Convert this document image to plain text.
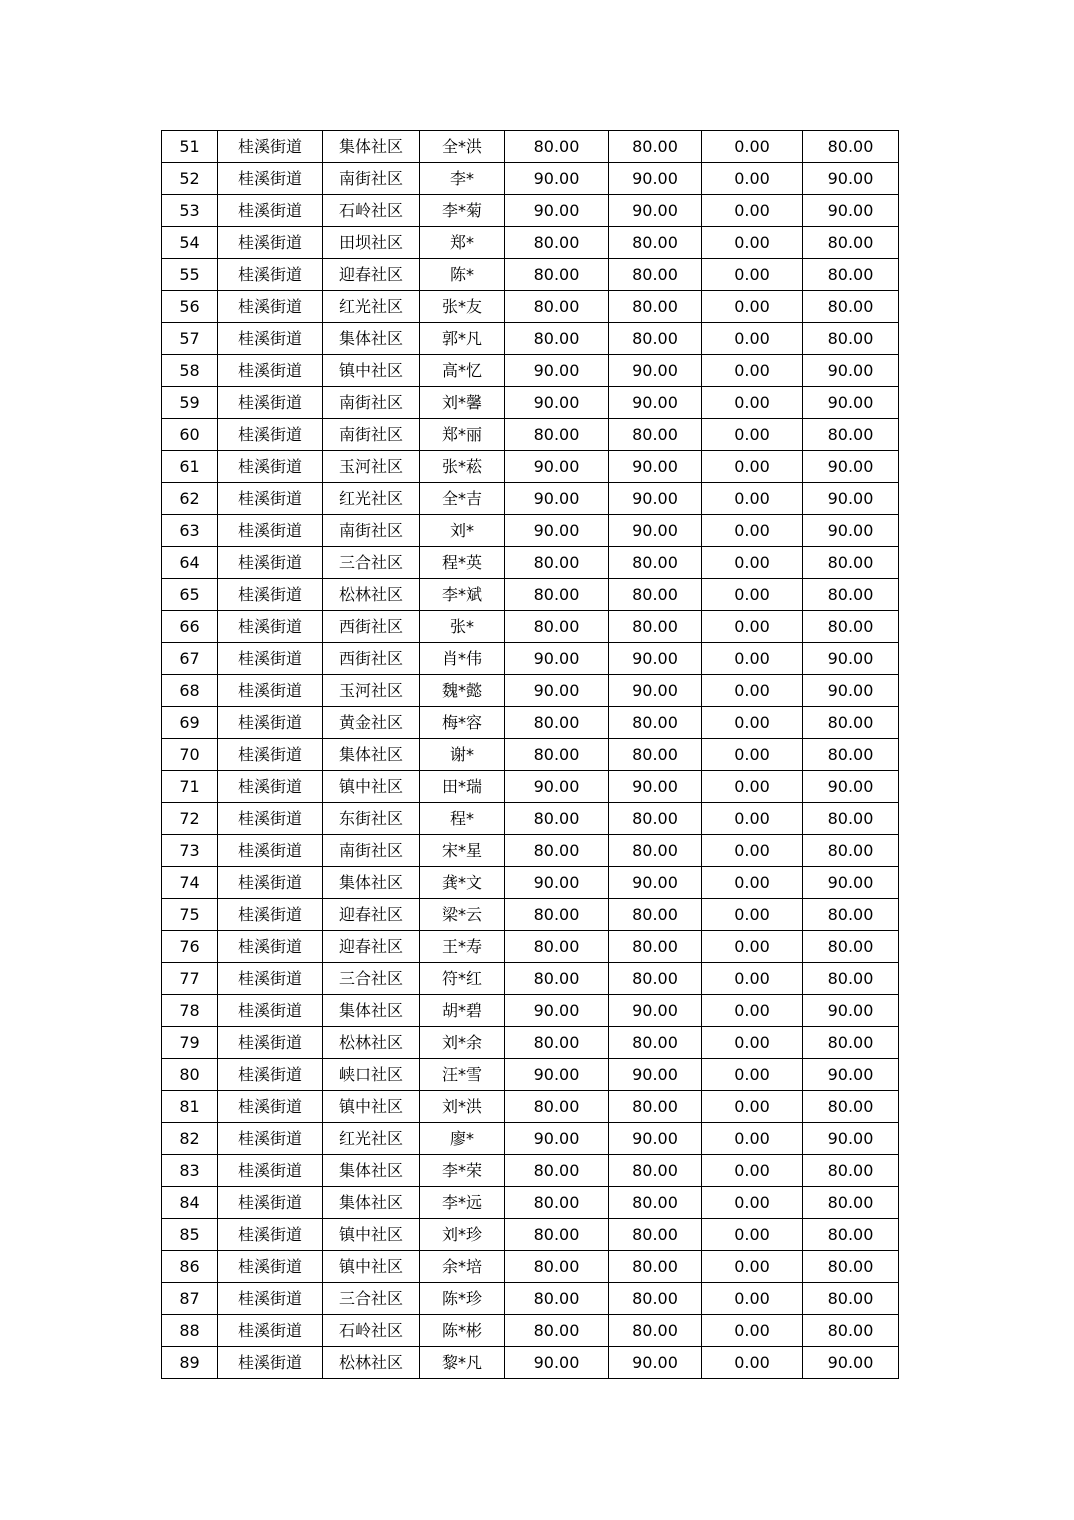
51	桂溪街道	集体社区	全*洪	80.00	80.00	0.00	80.00
52	桂溪街道	南街社区	李*	90.00	90.00	0.00	90.00
53	桂溪街道	石岭社区	李*菊	90.00	90.00	0.00	90.00
54	桂溪街道	田坝社区	郑*	80.00	80.00	0.00	80.00
55	桂溪街道	迎春社区	陈*	80.00	80.00	0.00	80.00
56	桂溪街道	红光社区	张*友	80.00	80.00	0.00	80.00
57	桂溪街道	集体社区	郭*凡	80.00	80.00	0.00	80.00
58	桂溪街道	镇中社区	高*忆	90.00	90.00	0.00	90.00
59	桂溪街道	南街社区	刘*馨	90.00	90.00	0.00	90.00
60	桂溪街道	南街社区	郑*丽	80.00	80.00	0.00	80.00
61	桂溪街道	玉河社区	张*菘	90.00	90.00	0.00	90.00
62	桂溪街道	红光社区	全*吉	90.00	90.00	0.00	90.00
63	桂溪街道	南街社区	刘*	90.00	90.00	0.00	90.00
64	桂溪街道	三合社区	程*英	80.00	80.00	0.00	80.00
65	桂溪街道	松林社区	李*斌	80.00	80.00	0.00	80.00
66	桂溪街道	西街社区	张*	80.00	80.00	0.00	80.00
67	桂溪街道	西街社区	肖*伟	90.00	90.00	0.00	90.00
68	桂溪街道	玉河社区	魏*懿	90.00	90.00	0.00	90.00
69	桂溪街道	黄金社区	梅*容	80.00	80.00	0.00	80.00
70	桂溪街道	集体社区	谢*	80.00	80.00	0.00	80.00
71	桂溪街道	镇中社区	田*瑞	90.00	90.00	0.00	90.00
72	桂溪街道	东街社区	程*	80.00	80.00	0.00	80.00
73	桂溪街道	南街社区	宋*星	80.00	80.00	0.00	80.00
74	桂溪街道	集体社区	龚*文	90.00	90.00	0.00	90.00
75	桂溪街道	迎春社区	梁*云	80.00	80.00	0.00	80.00
76	桂溪街道	迎春社区	王*寿	80.00	80.00	0.00	80.00
77	桂溪街道	三合社区	符*红	80.00	80.00	0.00	80.00
78	桂溪街道	集体社区	胡*碧	90.00	90.00	0.00	90.00
79	桂溪街道	松林社区	刘*余	80.00	80.00	0.00	80.00
80	桂溪街道	峡口社区	汪*雪	90.00	90.00	0.00	90.00
81	桂溪街道	镇中社区	刘*洪	80.00	80.00	0.00	80.00
82	桂溪街道	红光社区	廖*	90.00	90.00	0.00	90.00
83	桂溪街道	集体社区	李*荣	80.00	80.00	0.00	80.00
84	桂溪街道	集体社区	李*远	80.00	80.00	0.00	80.00
85	桂溪街道	镇中社区	刘*珍	80.00	80.00	0.00	80.00
86	桂溪街道	镇中社区	余*培	80.00	80.00	0.00	80.00
87	桂溪街道	三合社区	陈*珍	80.00	80.00	0.00	80.00
88	桂溪街道	石岭社区	陈*彬	80.00	80.00	0.00	80.00
89	桂溪街道	松林社区	黎*凡	90.00	90.00	0.00	90.00
